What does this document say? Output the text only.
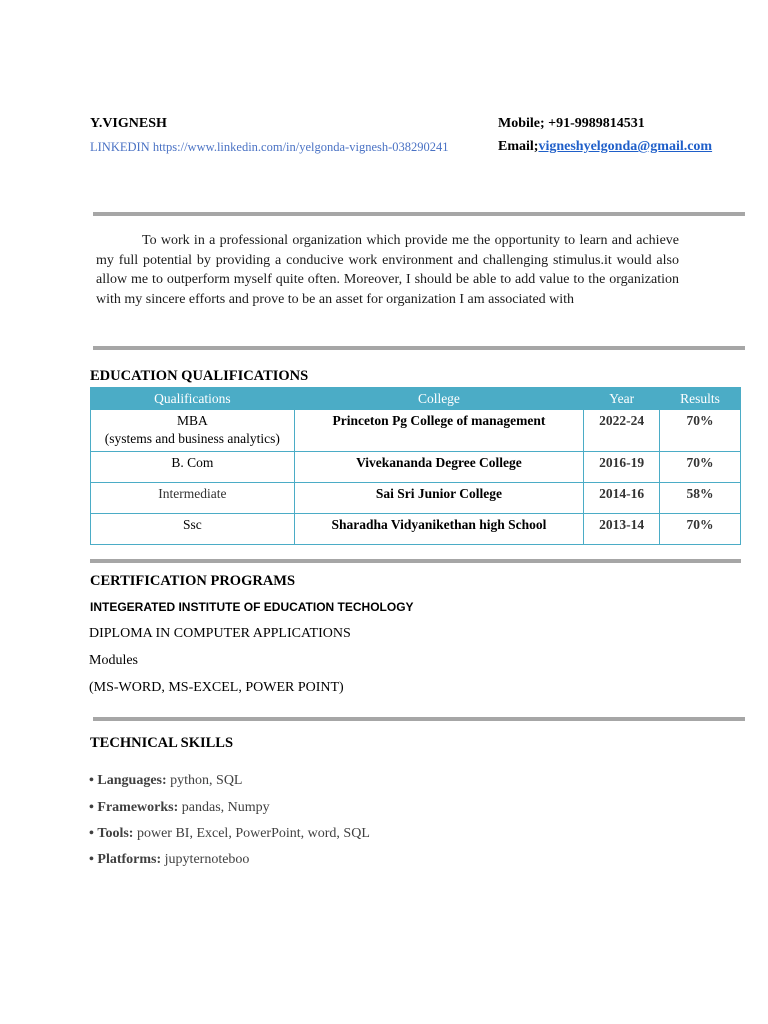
Y.VIGNESH
LINKEDIN https://www.linkedin.com/in/yelgonda-vignesh-038290241
Mobile; +91-9989814531
Email;vigneshyelgonda@gmail.com
To work in a professional organization which provide me the opportunity to learn and achieve my full potential by providing a conducive work environment and challenging stimulus.it would also allow me to outperform myself quite often. Moreover, I should be able to add value to the organization with my sincere efforts and prove to be an asset for organization I am associated with
EDUCATION QUALIFICATIONS
Qualifications	College	Year	Results

MBA
(systems and business analytics)	Princeton Pg College of management	2022-24	70%
B. Com	Vivekananda Degree College	2016-19	70%
Intermediate	Sai Sri Junior College	2014-16	58%
Ssc	Sharadha Vidyanikethan high School	2013-14	70%
CERTIFICATION PROGRAMS
INTEGERATED INSTITUTE OF EDUCATION TECHOLOGY
DIPLOMA IN COMPUTER APPLICATIONS
Modules
(MS-WORD, MS-EXCEL, POWER POINT)
TECHNICAL SKILLS
• Languages: python, SQL
• Frameworks: pandas, Numpy
• Tools: power BI, Excel, PowerPoint, word, SQL
• Platforms: jupyternoteboo
